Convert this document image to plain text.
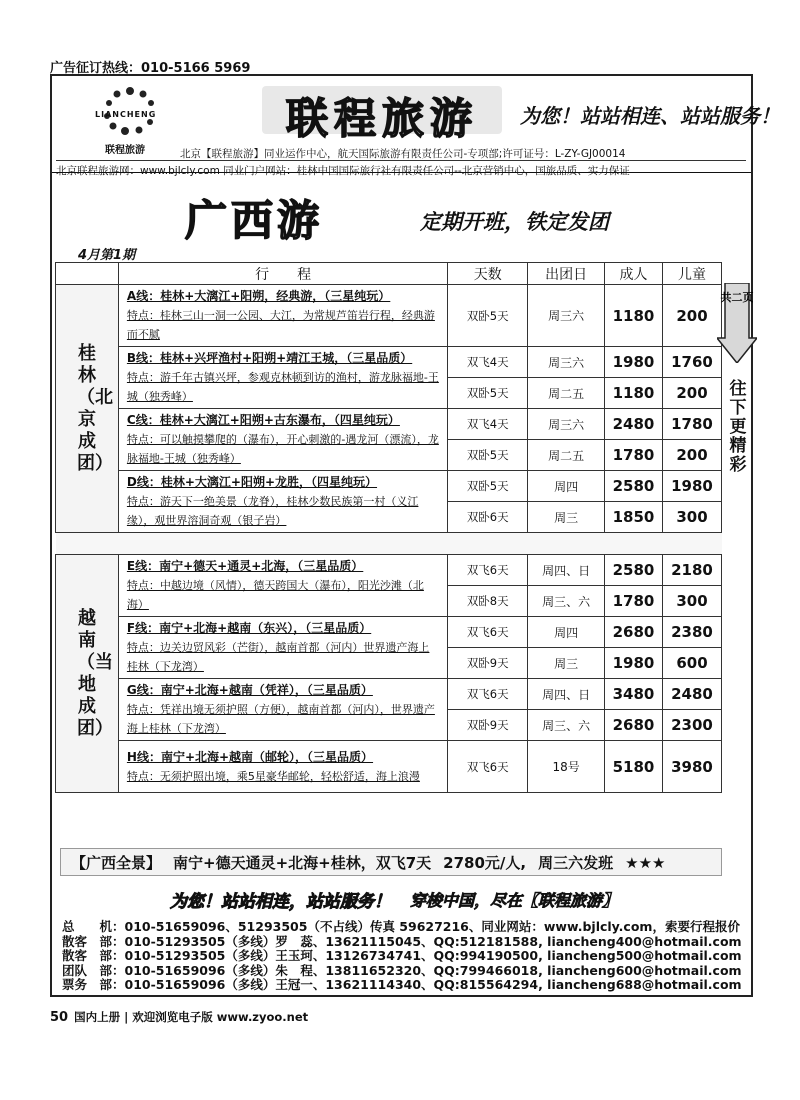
广告征订热线：010-5166 5969
LIANCHENG
联程旅游
联程旅游	为您！站站相连、站站服务！
北京【联程旅游】同业运作中心，航天国际旅游有限责任公司-专项部;许可证号：L-ZY-GJ00014
北京联程旅游网：www.bjlcly.com 同业门户网站：桂林中国国际旅行社有限责任公司--北京营销中心，国旅品质、实力保证
广西游	定期开班，铁定发团
4月第1期
	行　　程	天数	出团日	成人	儿童

桂林（北京成团）	A线：桂林+大漓江+阳朔，经典游，（三星纯玩）
特点：桂林三山一洞一公园、大江，为常规芦笛岩行程，经典游而不腻	双卧5天	周三六	1180	200

	B线：桂林+兴坪渔村+阳朔+靖江王城，（三星品质）
特点：游千年古镇兴坪，参观克林顿到访的渔村，游龙脉福地-王城（独秀峰）	双飞4天	周三六	1980	1760
		双卧5天	周二五	1180	200

	C线：桂林+大漓江+阳朔+古东瀑布，（四星纯玩）
特点：可以触摸攀爬的（瀑布），开心刺激的-遇龙河（漂流），龙脉福地-王城（独秀峰）	双飞4天	周三六	2480	1780
		双卧5天	周二五	1780	200

	D线：桂林+大漓江+阳朔+龙胜，（四星纯玩）
特点：游天下一绝美景（龙脊），桂林少数民族第一村（义江缘），观世界溶洞奇观（银子岩）	双卧5天	周四	2580	1980
		双卧6天	周三	1850	300

越南（当地成团）	E线：南宁+德天+通灵+北海，（三星品质）
特点：中越边境（风情），德天跨国大（瀑布），阳光沙滩（北海）	双飞6天	周四、日	2580	2180
		双卧8天	周三、六	1780	300

	F线：南宁+北海+越南（东兴），（三星品质）
特点：边关边贸风彩（芒街），越南首都（河内）世界遗产海上桂林（下龙湾）	双飞6天	周四	2680	2380
		双卧9天	周三	1980	600

	G线：南宁+北海+越南（凭祥），（三星品质）
特点：凭祥出境无须护照（方便），越南首都（河内），世界遗产海上桂林（下龙湾）	双飞6天	周四、日	3480	2480
		双卧9天	周三、六	2680	2300

	H线：南宁+北海+越南（邮轮），（三星品质）
特点：无须护照出境，乘5星豪华邮轮，轻松舒适，海上浪漫	双飞6天	18号	5180	3980
共二页
往下更精彩
【广西全景】 南宁+德天通灵+北海+桂林，双飞7天 2780元/人, 周三六发班 ★★★
为您！站站相连，站站服务！ 穿梭中国，尽在【联程旅游】
总　　机：010-51659096、51293505（不占线）传真 59627216、同业网站：www.bjlcly.com，索要行程报价
散客　部：010-51293505（多线）罗　蕊、13621115045、QQ:512181588, liancheng400@hotmail.com
散客　部：010-51293505（多线）王玉珂、13126734741、QQ:994190500, liancheng500@hotmail.com
团队　部：010-51659096（多线）朱　程、13811652320、QQ:799466018, liancheng600@hotmail.com
票务　部：010-51659096（多线）王冠一、13621114340、QQ:815564294, liancheng688@hotmail.com
50 国内上册 | 欢迎浏览电子版 www.zyoo.net
